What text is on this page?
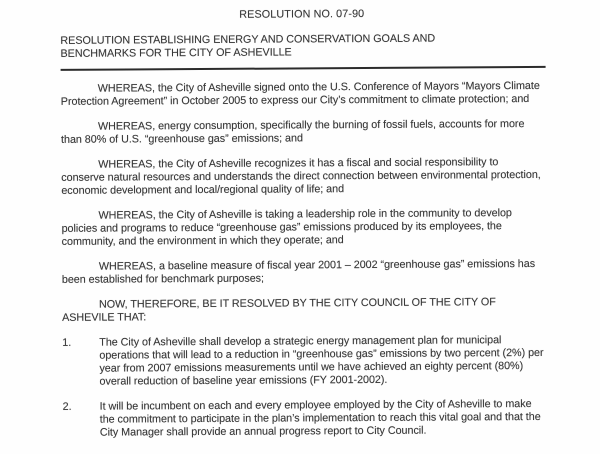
RESOLUTION NO. 07-90
RESOLUTION ESTABLISHING ENERGY AND CONSERVATION GOALS AND BENCHMARKS FOR THE CITY OF ASHEVILLE

WHEREAS, the City of Asheville signed onto the U.S. Conference of Mayors “Mayors Climate Protection Agreement” in October 2005 to express our City’s commitment to climate protection; and

WHEREAS, energy consumption, specifically the burning of fossil fuels, accounts for more than 80% of U.S. “greenhouse gas” emissions; and

WHEREAS, the City of Asheville recognizes it has a fiscal and social responsibility to conserve natural resources and understands the direct connection between environmental protection, economic development and local/regional quality of life; and

WHEREAS, the City of Asheville is taking a leadership role in the community to develop policies and programs to reduce “greenhouse gas” emissions produced by its employees, the community, and the environment in which they operate; and

WHEREAS, a baseline measure of fiscal year 2001 – 2002 “greenhouse gas” emissions has been established for benchmark purposes;

NOW, THEREFORE, BE IT RESOLVED BY THE CITY COUNCIL OF THE CITY OF ASHEVILE THAT:

1.	The City of Asheville shall develop a strategic energy management plan for municipal operations that will lead to a reduction in “greenhouse gas” emissions by two percent (2%) per year from 2007 emissions measurements until we have achieved an eighty percent (80%) overall reduction of baseline year emissions (FY 2001-2002).
2.	It will be incumbent on each and every employee employed by the City of Asheville to make the commitment to participate in the plan’s implementation to reach this vital goal and that the City Manager shall provide an annual progress report to City Council.
